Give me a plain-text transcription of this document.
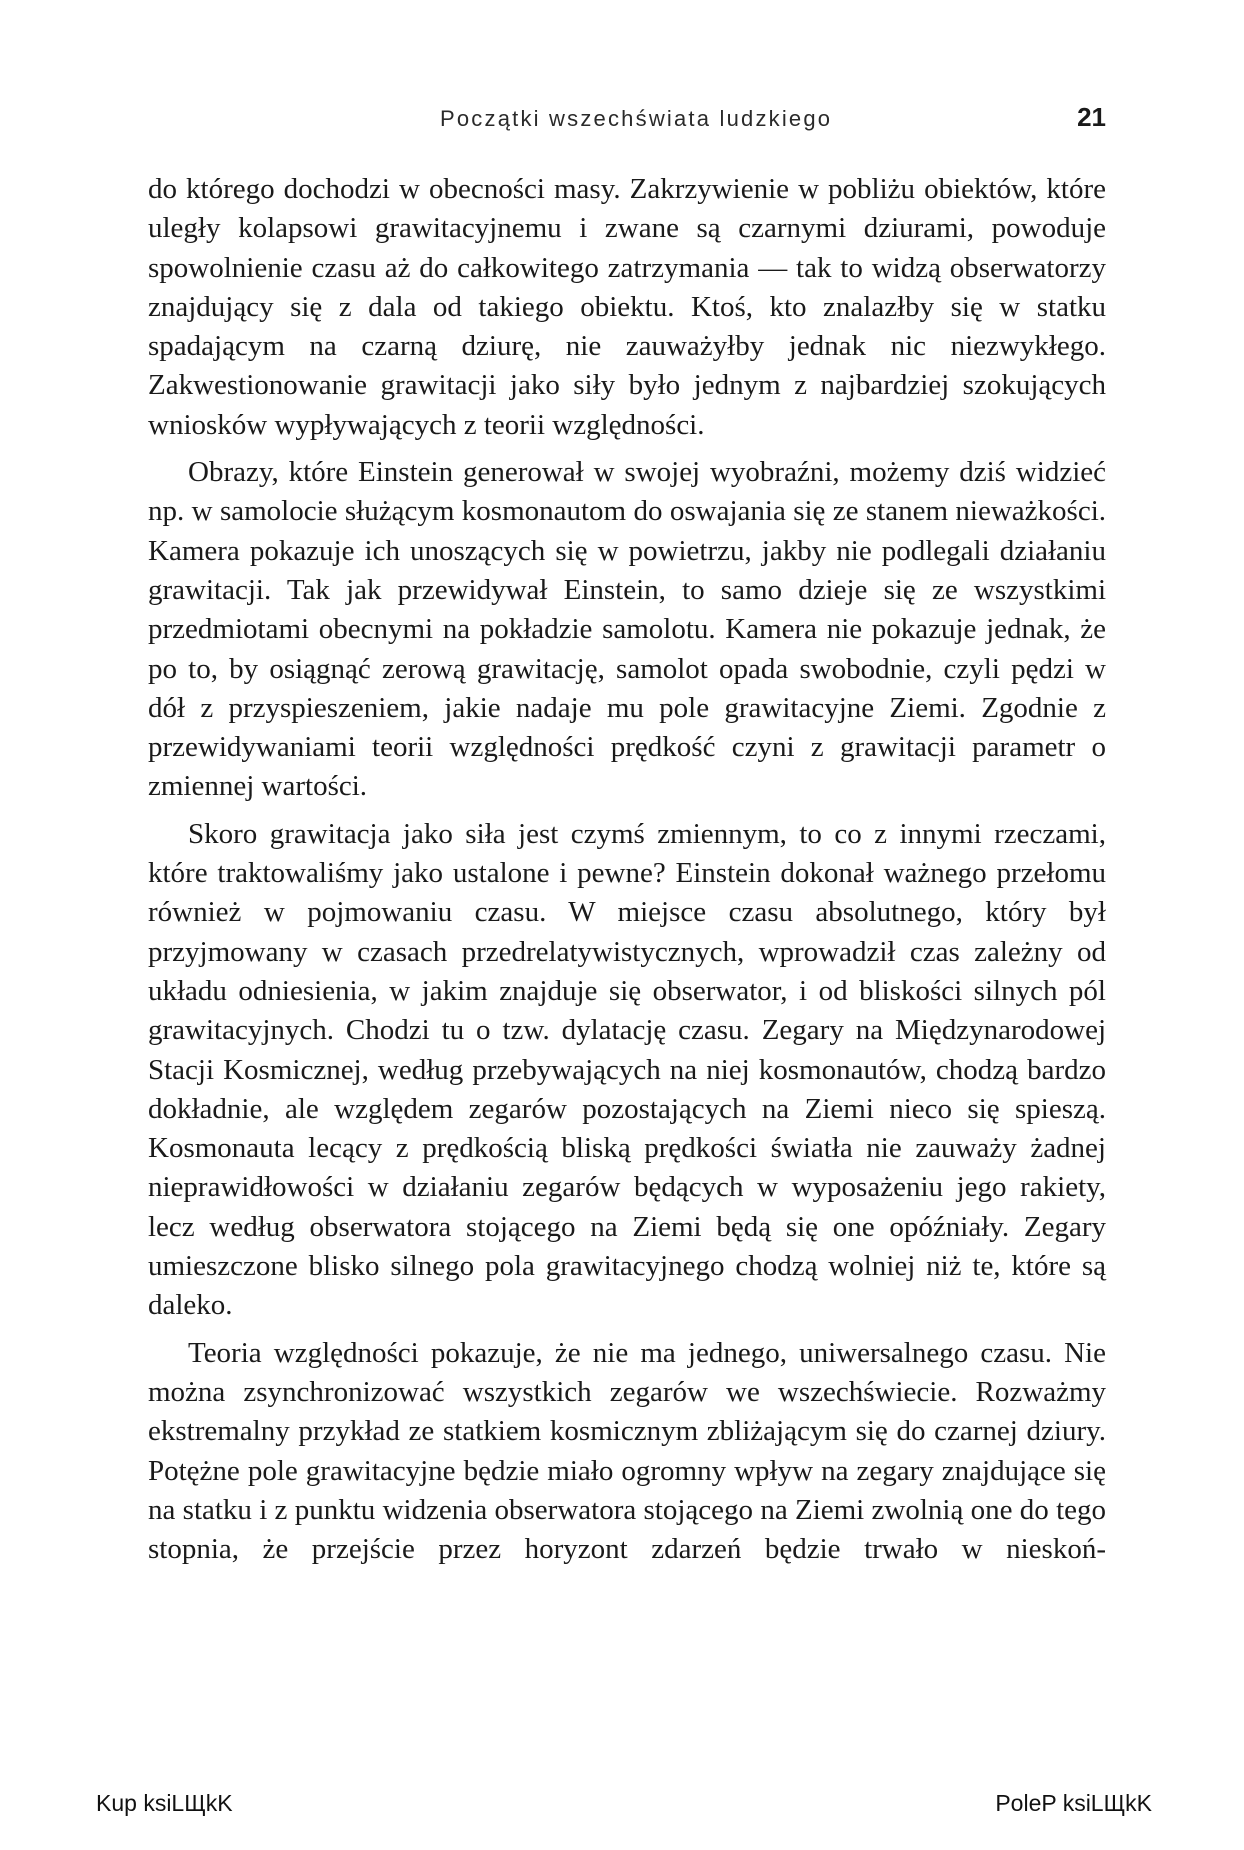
Początki wszechświata ludzkiego	21

do którego dochodzi w obecności masy. Zakrzywienie w pobliżu obiektów, które uległy kolapsowi grawitacyjnemu i zwane są czarnymi dziurami, powoduje spowolnienie czasu aż do całkowitego zatrzymania — tak to widzą obserwatorzy znajdujący się z dala od takiego obiektu. Ktoś, kto znalazłby się w statku spadającym na czarną dziurę, nie zauważyłby jednak nic niezwykłego. Zakwestionowanie grawitacji jako siły było jednym z najbardziej szokujących wniosków wypływających z teorii względności.

Obrazy, które Einstein generował w swojej wyobraźni, możemy dziś widzieć np. w samolocie służącym kosmonautom do oswajania się ze stanem nieważkości. Kamera pokazuje ich unoszących się w powietrzu, jakby nie podlegali działaniu grawitacji. Tak jak przewidywał Einstein, to samo dzieje się ze wszystkimi przedmiotami obecnymi na pokładzie samolotu. Kamera nie pokazuje jednak, że po to, by osiągnąć zerową grawitację, samolot opada swobodnie, czyli pędzi w dół z przyspieszeniem, jakie nadaje mu pole grawitacyjne Ziemi. Zgodnie z przewidywaniami teorii względności prędkość czyni z grawitacji parametr o zmiennej wartości.

Skoro grawitacja jako siła jest czymś zmiennym, to co z innymi rzeczami, które traktowaliśmy jako ustalone i pewne? Einstein dokonał ważnego przełomu również w pojmowaniu czasu. W miejsce czasu absolutnego, który był przyjmowany w czasach przedrelatywistycznych, wprowadził czas zależny od układu odniesienia, w jakim znajduje się obserwator, i od bliskości silnych pól grawitacyjnych. Chodzi tu o tzw. dylatację czasu. Zegary na Międzynarodowej Stacji Kosmicznej, według przebywających na niej kosmonautów, chodzą bardzo dokładnie, ale względem zegarów pozostających na Ziemi nieco się spieszą. Kosmonauta lecący z prędkością bliską prędkości światła nie zauważy żadnej nieprawidłowości w działaniu zegarów będących w wyposażeniu jego rakiety, lecz według obserwatora stojącego na Ziemi będą się one opóźniały. Zegary umieszczone blisko silnego pola grawitacyjnego chodzą wolniej niż te, które są daleko.

Teoria względności pokazuje, że nie ma jednego, uniwersalnego czasu. Nie można zsynchronizować wszystkich zegarów we wszechświecie. Rozważmy ekstremalny przykład ze statkiem kosmicznym zbliżającym się do czarnej dziury. Potężne pole grawitacyjne będzie miało ogromny wpływ na zegary znajdujące się na statku i z punktu widzenia obserwatora stojącego na Ziemi zwolnią one do tego stopnia, że przejście przez horyzont zdarzeń będzie trwało w nieskoń-

Kup ksiLЩkK	PoleP ksiLЩkK
